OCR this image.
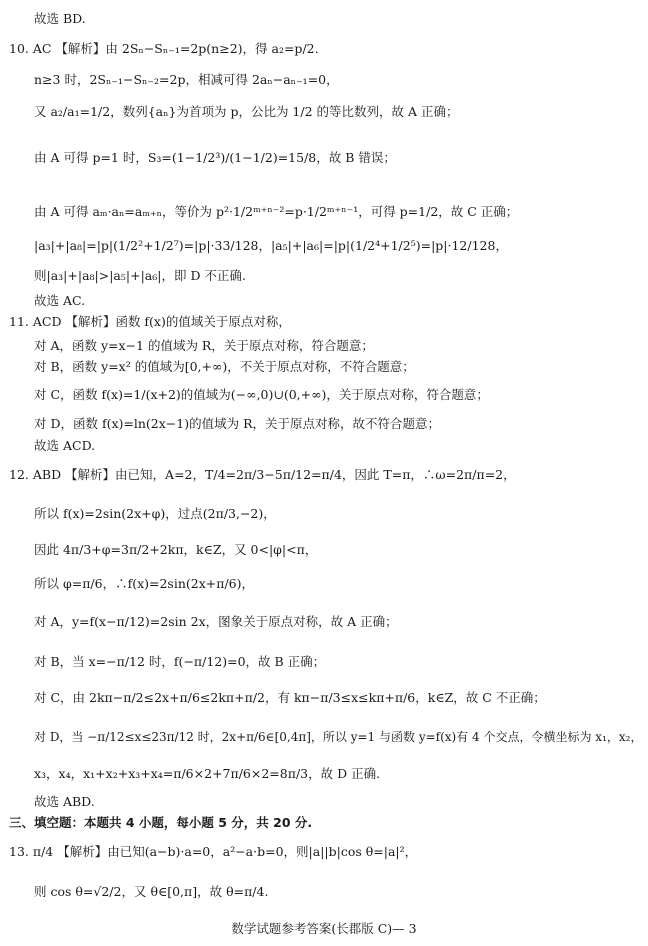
故选 BD.
10. AC 【解析】由 2Sₙ−Sₙ₋₁=2p(n≥2)，得 a₂=p/2.
n≥3 时，2Sₙ₋₁−Sₙ₋₂=2p，相减可得 2aₙ−aₙ₋₁=0，
又 a₂/a₁=1/2，数列{aₙ}为首项为 p，公比为 1/2 的等比数列，故 A 正确；
由 A 可得 p=1 时，S₃=(1−1/2³)/(1−1/2)=15/8，故 B 错误；
由 A 可得 aₘ·aₙ=aₘ₊ₙ，等价为 p²·1/2ᵐ⁺ⁿ⁻²=p·1/2ᵐ⁺ⁿ⁻¹，可得 p=1/2，故 C 正确；
|a₃|+|a₈|=|p|(1/2²+1/2⁷)=|p|·33/128，|a₅|+|a₆|=|p|(1/2⁴+1/2⁵)=|p|·12/128，
则|a₃|+|a₈|>|a₅|+|a₆|，即 D 不正确.
故选 AC.
11. ACD 【解析】函数 f(x)的值域关于原点对称，
对 A，函数 y=x−1 的值域为 R，关于原点对称，符合题意；
对 B，函数 y=x² 的值域为[0,+∞)，不关于原点对称，不符合题意；
对 C，函数 f(x)=1/(x+2)的值域为(−∞,0)∪(0,+∞)，关于原点对称，符合题意；
对 D，函数 f(x)=ln(2x−1)的值域为 R，关于原点对称，故不符合题意；
故选 ACD.
12. ABD 【解析】由已知，A=2，T/4=2π/3−5π/12=π/4，因此 T=π，∴ω=2π/π=2，
所以 f(x)=2sin(2x+φ)，过点(2π/3,−2)，
因此 4π/3+φ=3π/2+2kπ，k∈Z，又 0<|φ|<π，
所以 φ=π/6，∴f(x)=2sin(2x+π/6)，
对 A，y=f(x−π/12)=2sin 2x，图象关于原点对称，故 A 正确；
对 B，当 x=−π/12 时，f(−π/12)=0，故 B 正确；
对 C，由 2kπ−π/2≤2x+π/6≤2kπ+π/2，有 kπ−π/3≤x≤kπ+π/6，k∈Z，故 C 不正确；
对 D，当 −π/12≤x≤23π/12 时，2x+π/6∈[0,4π]，所以 y=1 与函数 y=f(x)有 4 个交点，令横坐标为 x₁，x₂，
x₃，x₄，x₁+x₂+x₃+x₄=π/6×2+7π/6×2=8π/3，故 D 正确.
故选 ABD.
三、填空题：本题共 4 小题，每小题 5 分，共 20 分.
13. π/4 【解析】由已知(a−b)·a=0，a²−a·b=0，则|a||b|cos θ=|a|²，
则 cos θ=√2/2，又 θ∈[0,π]，故 θ=π/4.
数学试题参考答案(长郡版 C)— 3
